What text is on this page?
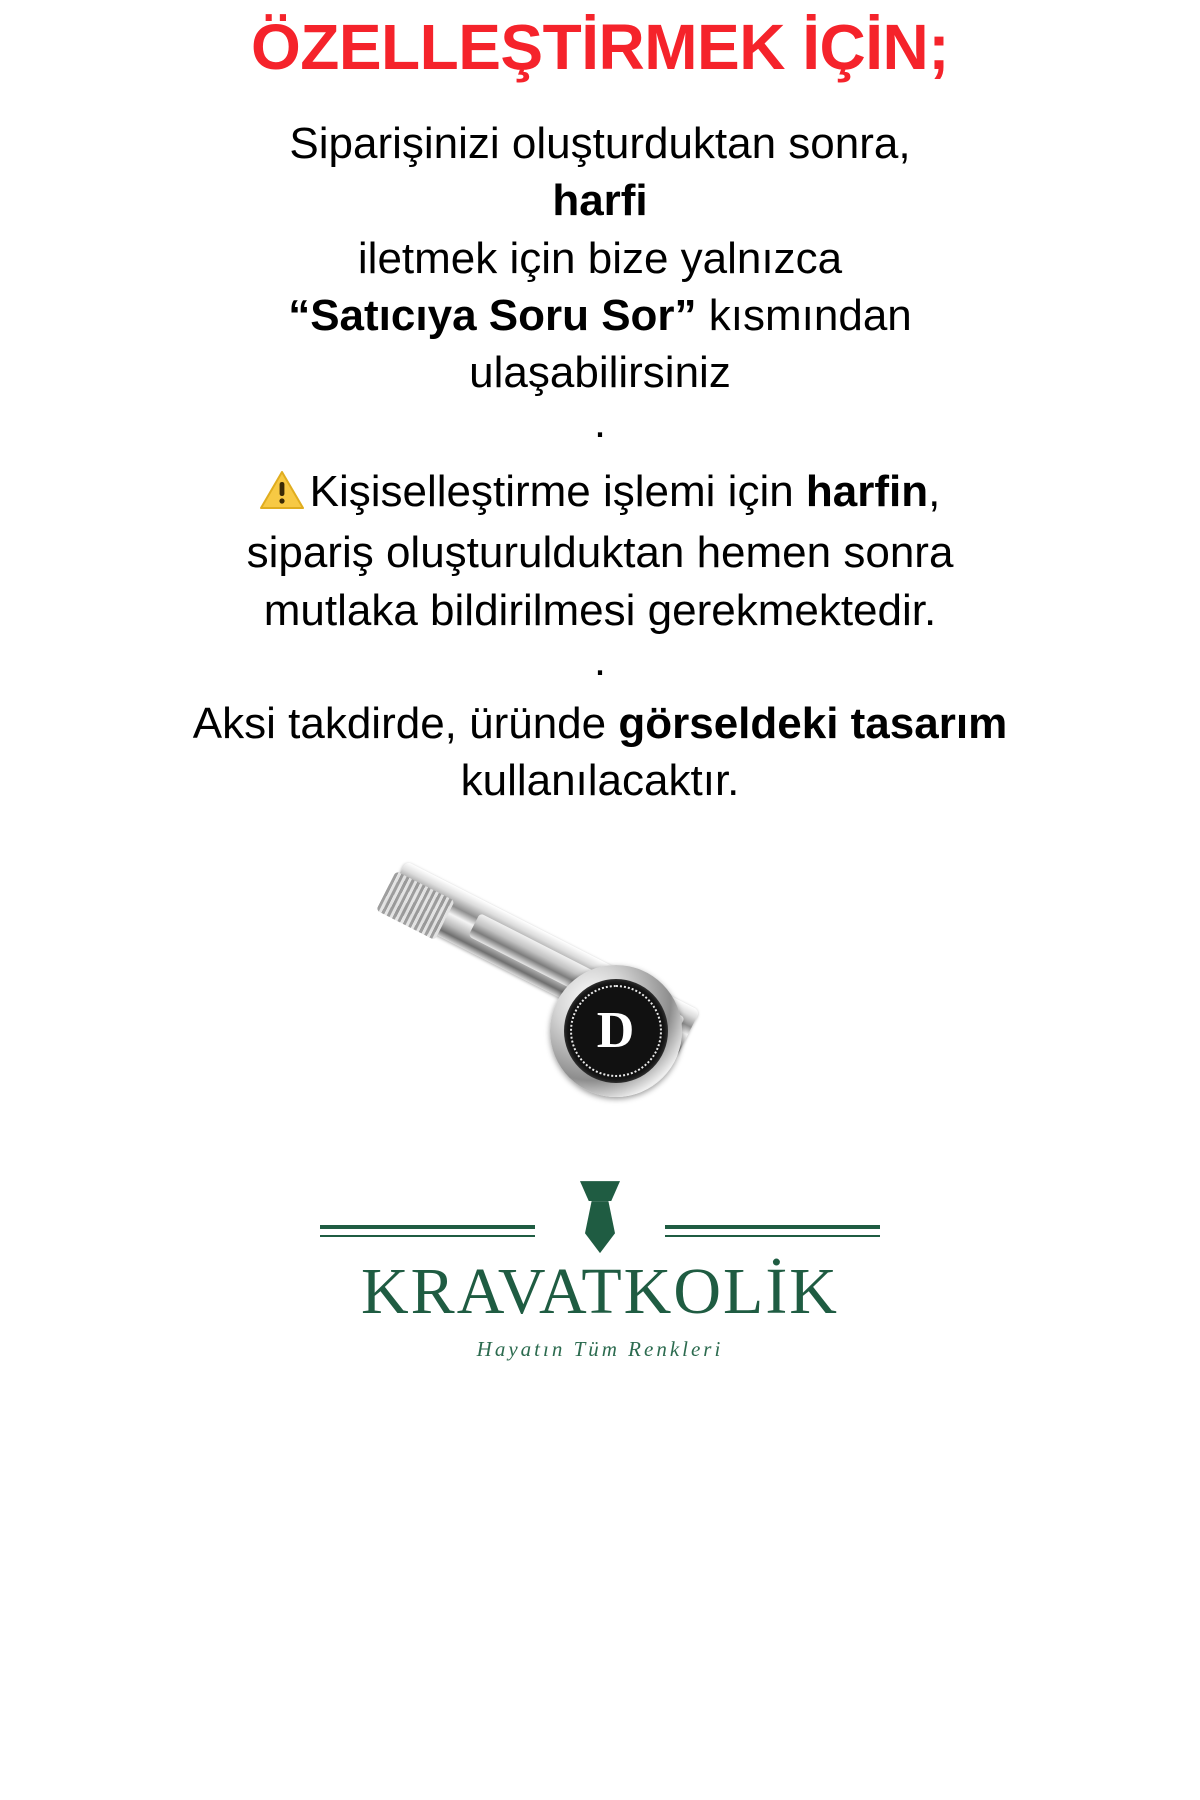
ÖZELLEŞTİRMEK İÇİN;

Siparişinizi oluşturduktan sonra,
harfi
iletmek için bize yalnızca
“Satıcıya Soru Sor” kısmından
ulaşabilirsiniz

.

Kişiselleştirme işlemi için harfin,
sipariş oluşturulduktan hemen sonra
mutlaka bildirilmesi gerekmektedir.

.

Aksi takdirde, üründe görseldeki tasarım
kullanılacaktır.

D
KRAVATKOLİK
Hayatın Tüm Renkleri
